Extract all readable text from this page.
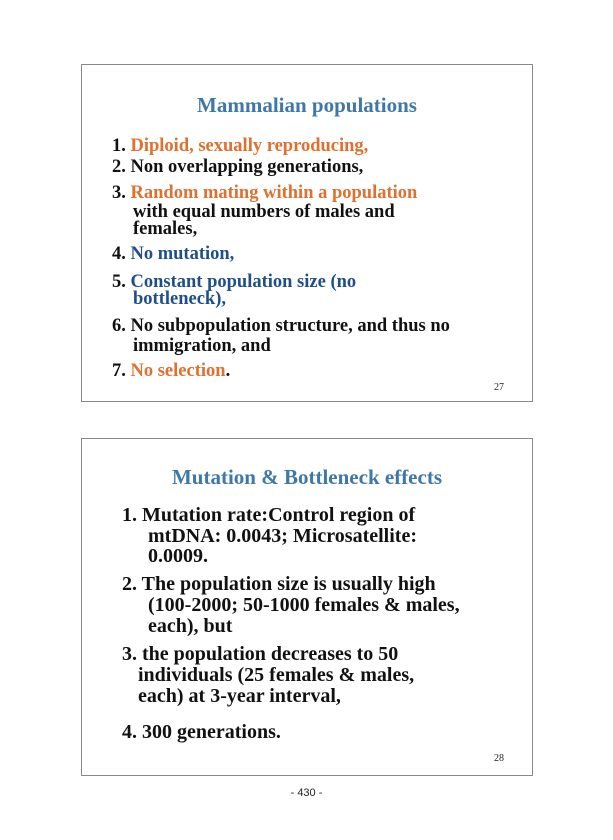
Mammalian populations
1. Diploid, sexually reproducing,
2. Non overlapping generations,
3. Random mating within a population
with equal numbers of males and
females,
4. No mutation,
5. Constant population size (no
bottleneck),
6. No subpopulation structure, and thus no
immigration, and
7. No selection.
27
Mutation & Bottleneck effects
1. Mutation rate:Control region of
mtDNA: 0.0043; Microsatellite:
0.0009.
2. The population size is usually high
(100-2000; 50-1000 females & males,
each), but
3. the population decreases to 50
individuals (25 females & males,
each) at 3-year interval,
4. 300 generations.
28
- 430 -
